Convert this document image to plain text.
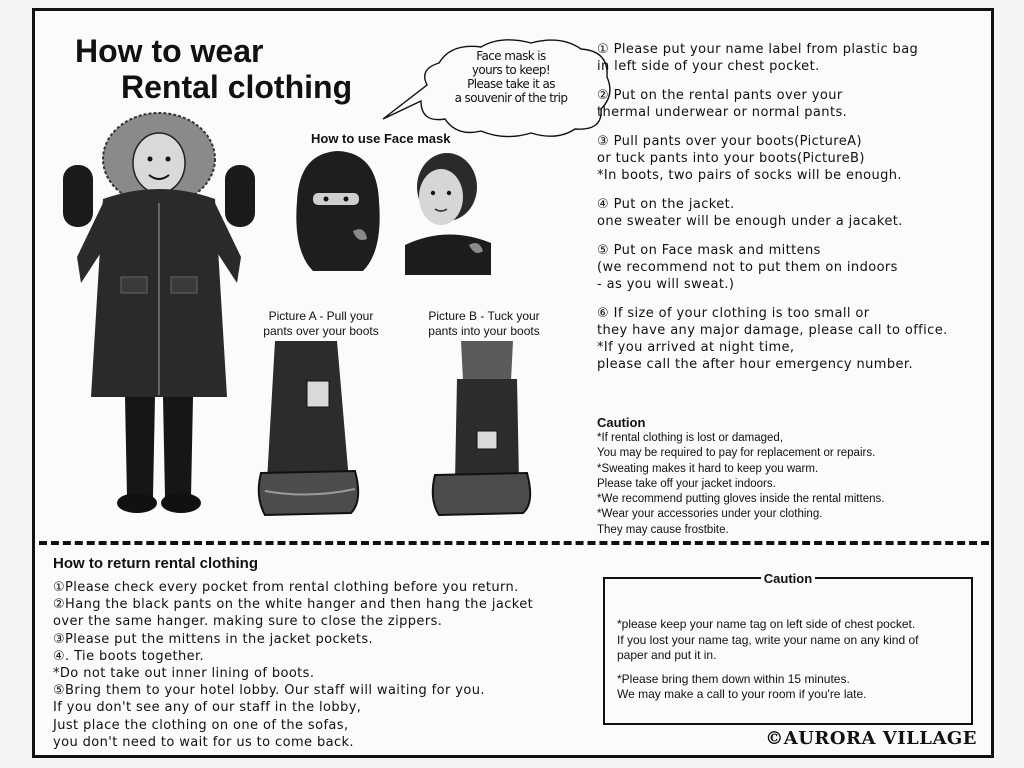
How to wear
Rental clothing
Face mask is
yours to keep!
Please take it as
a souvenir of the trip
How to use Face mask
Picture A - Pull your
pants over your boots
Picture B - Tuck your
pants into your boots
① Please put your name label from plastic bag
in left side of your chest pocket.
② Put on the rental pants over your
thermal underwear or normal pants.
③ Pull pants over your boots(PictureA)
or tuck pants into your boots(PictureB)
*In boots, two pairs of socks will be enough.
④ Put on the jacket.
one sweater will be enough under a jacaket.
⑤ Put on Face mask and mittens
(we recommend not to put them on indoors
- as you will sweat.)
⑥ If size of your clothing is too small or
they have any major damage, please call to office.
*If you arrived at night time,
please call the after hour emergency number.
Caution
*If rental clothing is lost or damaged,
You may be required to pay for replacement or repairs.
*Sweating makes it hard to keep you warm.
Please take off your jacket indoors.
*We recommend putting gloves inside the rental mittens.
*Wear your accessories under your clothing.
They may cause frostbite.
How to return rental clothing
①Please check every pocket from rental clothing before you return.
②Hang the black pants on the white hanger and then hang the jacket
over the same hanger. making sure to close the zippers.
③Please put the mittens in the jacket pockets.
④. Tie boots together.
*Do not take out inner lining of boots.
⑤Bring them to your hotel lobby. Our staff will waiting for you.
If you don't see any of our staff in the lobby,
Just place the clothing on one of the sofas,
you don't need to wait for us to come back.
Caution
*please keep your name tag on left side of chest pocket.
If you lost your name tag, write your name on any kind of
paper and put it in.
*Please bring them down within 15 minutes.
We may make a call to your room if you're late.
©AURORA VILLAGE
